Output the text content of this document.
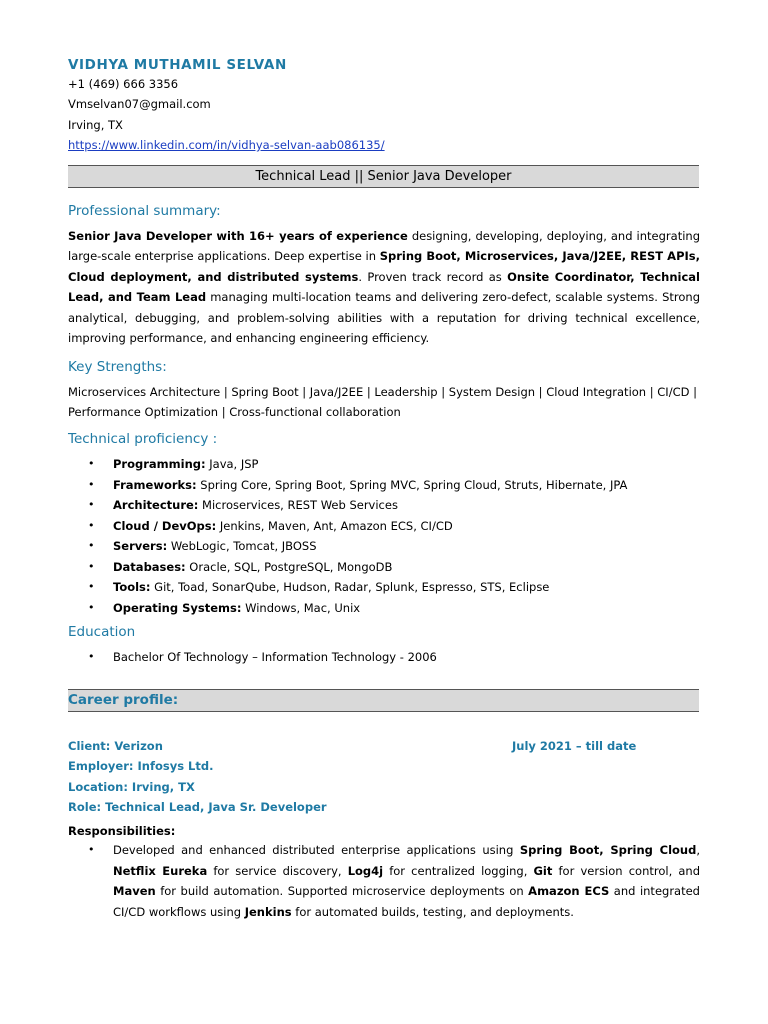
VIDHYA MUTHAMIL SELVAN
+1 (469) 666 3356
Vmselvan07@gmail.com
Irving, TX
https://www.linkedin.com/in/vidhya-selvan-aab086135/
Technical Lead || Senior Java Developer
Professional summary:
Senior Java Developer with 16+ years of experience designing, developing, deploying, and integrating large-scale enterprise applications. Deep expertise in Spring Boot, Microservices, Java/J2EE, REST APIs, Cloud deployment, and distributed systems. Proven track record as Onsite Coordinator, Technical Lead, and Team Lead managing multi-location teams and delivering zero-defect, scalable systems. Strong analytical, debugging, and problem-solving abilities with a reputation for driving technical excellence, improving performance, and enhancing engineering efficiency.
Key Strengths:
Microservices Architecture | Spring Boot | Java/J2EE | Leadership | System Design | Cloud Integration | CI/CD | Performance Optimization | Cross-functional collaboration
Technical proficiency :
• Programming: Java, JSP
• Frameworks: Spring Core, Spring Boot, Spring MVC, Spring Cloud, Struts, Hibernate, JPA
• Architecture: Microservices, REST Web Services
• Cloud / DevOps: Jenkins, Maven, Ant, Amazon ECS, CI/CD
• Servers: WebLogic, Tomcat, JBOSS
• Databases: Oracle, SQL, PostgreSQL, MongoDB
• Tools: Git, Toad, SonarQube, Hudson, Radar, Splunk, Espresso, STS, Eclipse
• Operating Systems: Windows, Mac, Unix
Education
• Bachelor Of Technology – Information Technology - 2006
Career profile:
Client: Verizon	July 2021 – till date
Employer: Infosys Ltd.
Location: Irving, TX
Role: Technical Lead, Java Sr. Developer
Responsibilities:
• Developed and enhanced distributed enterprise applications using Spring Boot, Spring Cloud, Netflix Eureka for service discovery, Log4j for centralized logging, Git for version control, and Maven for build automation. Supported microservice deployments on Amazon ECS and integrated CI/CD workflows using Jenkins for automated builds, testing, and deployments.
